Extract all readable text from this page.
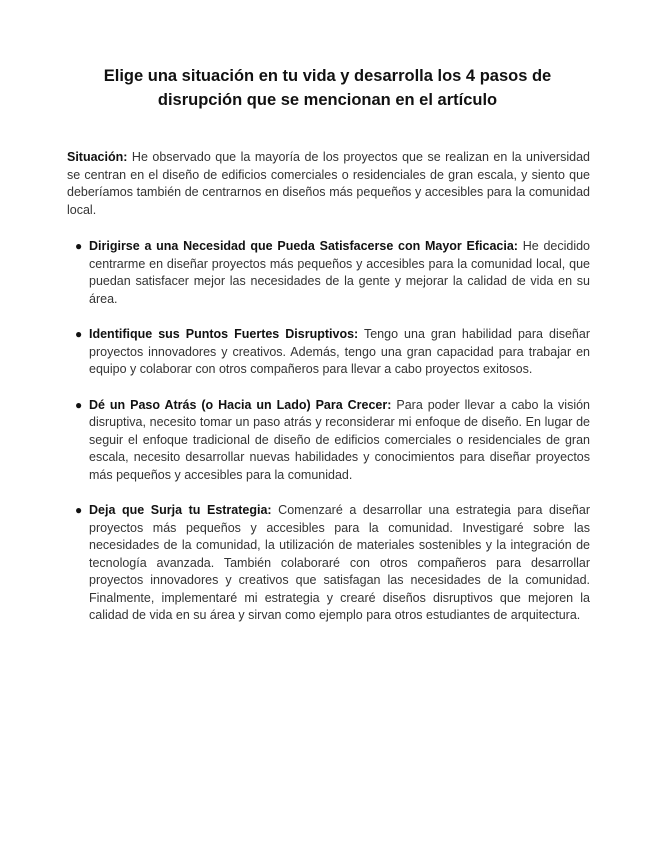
Elige una situación en tu vida y desarrolla los 4 pasos de disrupción que se mencionan en el artículo

Situación: He observado que la mayoría de los proyectos que se realizan en la universidad se centran en el diseño de edificios comerciales o residenciales de gran escala, y siento que deberíamos también de centrarnos en diseños más pequeños y accesibles para la comunidad local.

● Dirigirse a una Necesidad que Pueda Satisfacerse con Mayor Eficacia: He decidido centrarme en diseñar proyectos más pequeños y accesibles para la comunidad local, que puedan satisfacer mejor las necesidades de la gente y mejorar la calidad de vida en su área.
● Identifique sus Puntos Fuertes Disruptivos: Tengo una gran habilidad para diseñar proyectos innovadores y creativos. Además, tengo una gran capacidad para trabajar en equipo y colaborar con otros compañeros para llevar a cabo proyectos exitosos.
● Dé un Paso Atrás (o Hacia un Lado) Para Crecer: Para poder llevar a cabo la visión disruptiva, necesito tomar un paso atrás y reconsiderar mi enfoque de diseño. En lugar de seguir el enfoque tradicional de diseño de edificios comerciales o residenciales de gran escala, necesito desarrollar nuevas habilidades y conocimientos para diseñar proyectos más pequeños y accesibles para la comunidad.
● Deja que Surja tu Estrategia: Comenzaré a desarrollar una estrategia para diseñar proyectos más pequeños y accesibles para la comunidad. Investigaré sobre las necesidades de la comunidad, la utilización de materiales sostenibles y la integración de tecnología avanzada. También colaboraré con otros compañeros para desarrollar proyectos innovadores y creativos que satisfagan las necesidades de la comunidad. Finalmente, implementaré mi estrategia y crearé diseños disruptivos que mejoren la calidad de vida en su área y sirvan como ejemplo para otros estudiantes de arquitectura.
